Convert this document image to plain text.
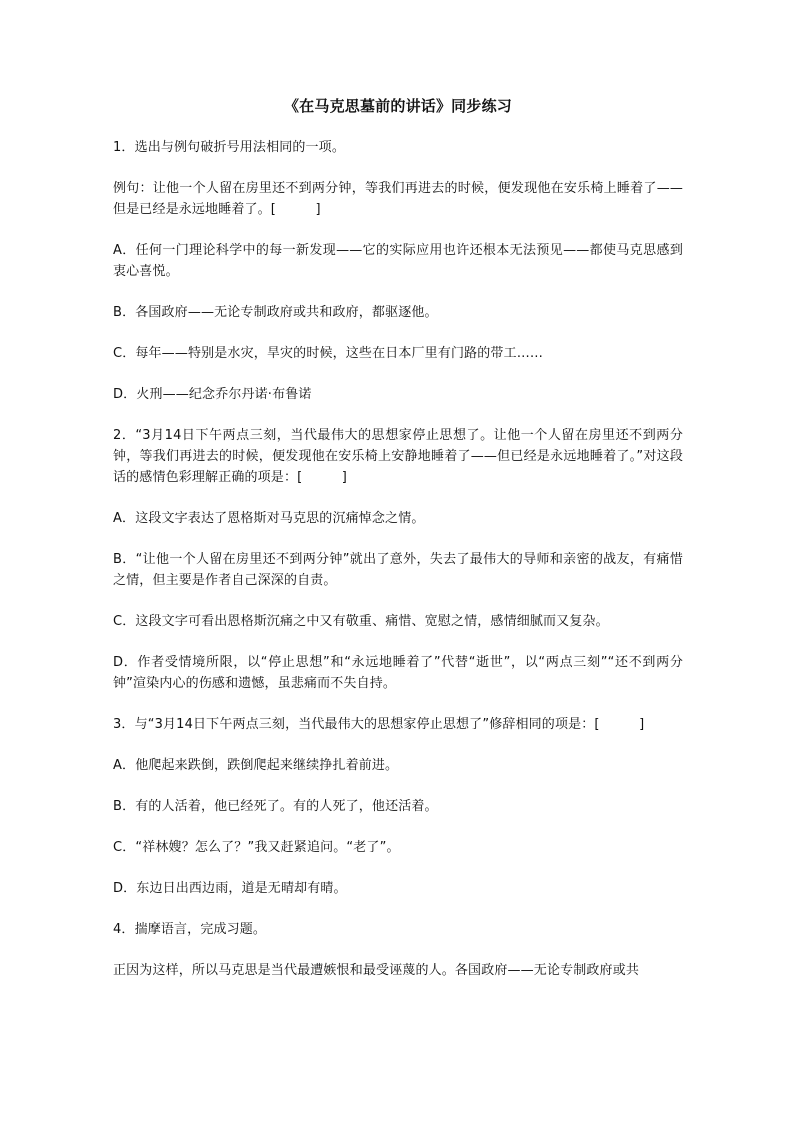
《在马克思墓前的讲话》同步练习
1．选出与例句破折号用法相同的一项。
例句：让他一个人留在房里还不到两分钟，等我们再进去的时候，便发现他在安乐椅上睡着了——但是已经是永远地睡着了。[　　　]
A．任何一门理论科学中的每一新发现——它的实际应用也许还根本无法预见——都使马克思感到衷心喜悦。
B．各国政府——无论专制政府或共和政府，都驱逐他。
C．每年——特别是水灾，旱灾的时候，这些在日本厂里有门路的带工……
D．火刑——纪念乔尔丹诺·布鲁诺
2．“3月14日下午两点三刻，当代最伟大的思想家停止思想了。让他一个人留在房里还不到两分钟，等我们再进去的时候，便发现他在安乐椅上安静地睡着了——但已经是永远地睡着了。”对这段话的感情色彩理解正确的项是：[　　　]
A．这段文字表达了恩格斯对马克思的沉痛悼念之情。
B．“让他一个人留在房里还不到两分钟”就出了意外，失去了最伟大的导师和亲密的战友，有痛惜之情，但主要是作者自己深深的自责。
C．这段文字可看出恩格斯沉痛之中又有敬重、痛惜、宽慰之情，感情细腻而又复杂。
D．作者受情境所限，以“停止思想”和“永远地睡着了”代替“逝世”，以“两点三刻”“还不到两分钟”渲染内心的伤感和遗憾，虽悲痛而不失自持。
3．与“3月14日下午两点三刻，当代最伟大的思想家停止思想了”修辞相同的项是：[　　　]
A．他爬起来跌倒，跌倒爬起来继续挣扎着前进。
B．有的人活着，他已经死了。有的人死了，他还活着。
C．“祥林嫂？怎么了？”我又赶紧追问。“老了”。
D．东边日出西边雨，道是无晴却有晴。
4．揣摩语言，完成习题。
正因为这样，所以马克思是当代最遭嫉恨和最受诬蔑的人。各国政府——无论专制政府或共
